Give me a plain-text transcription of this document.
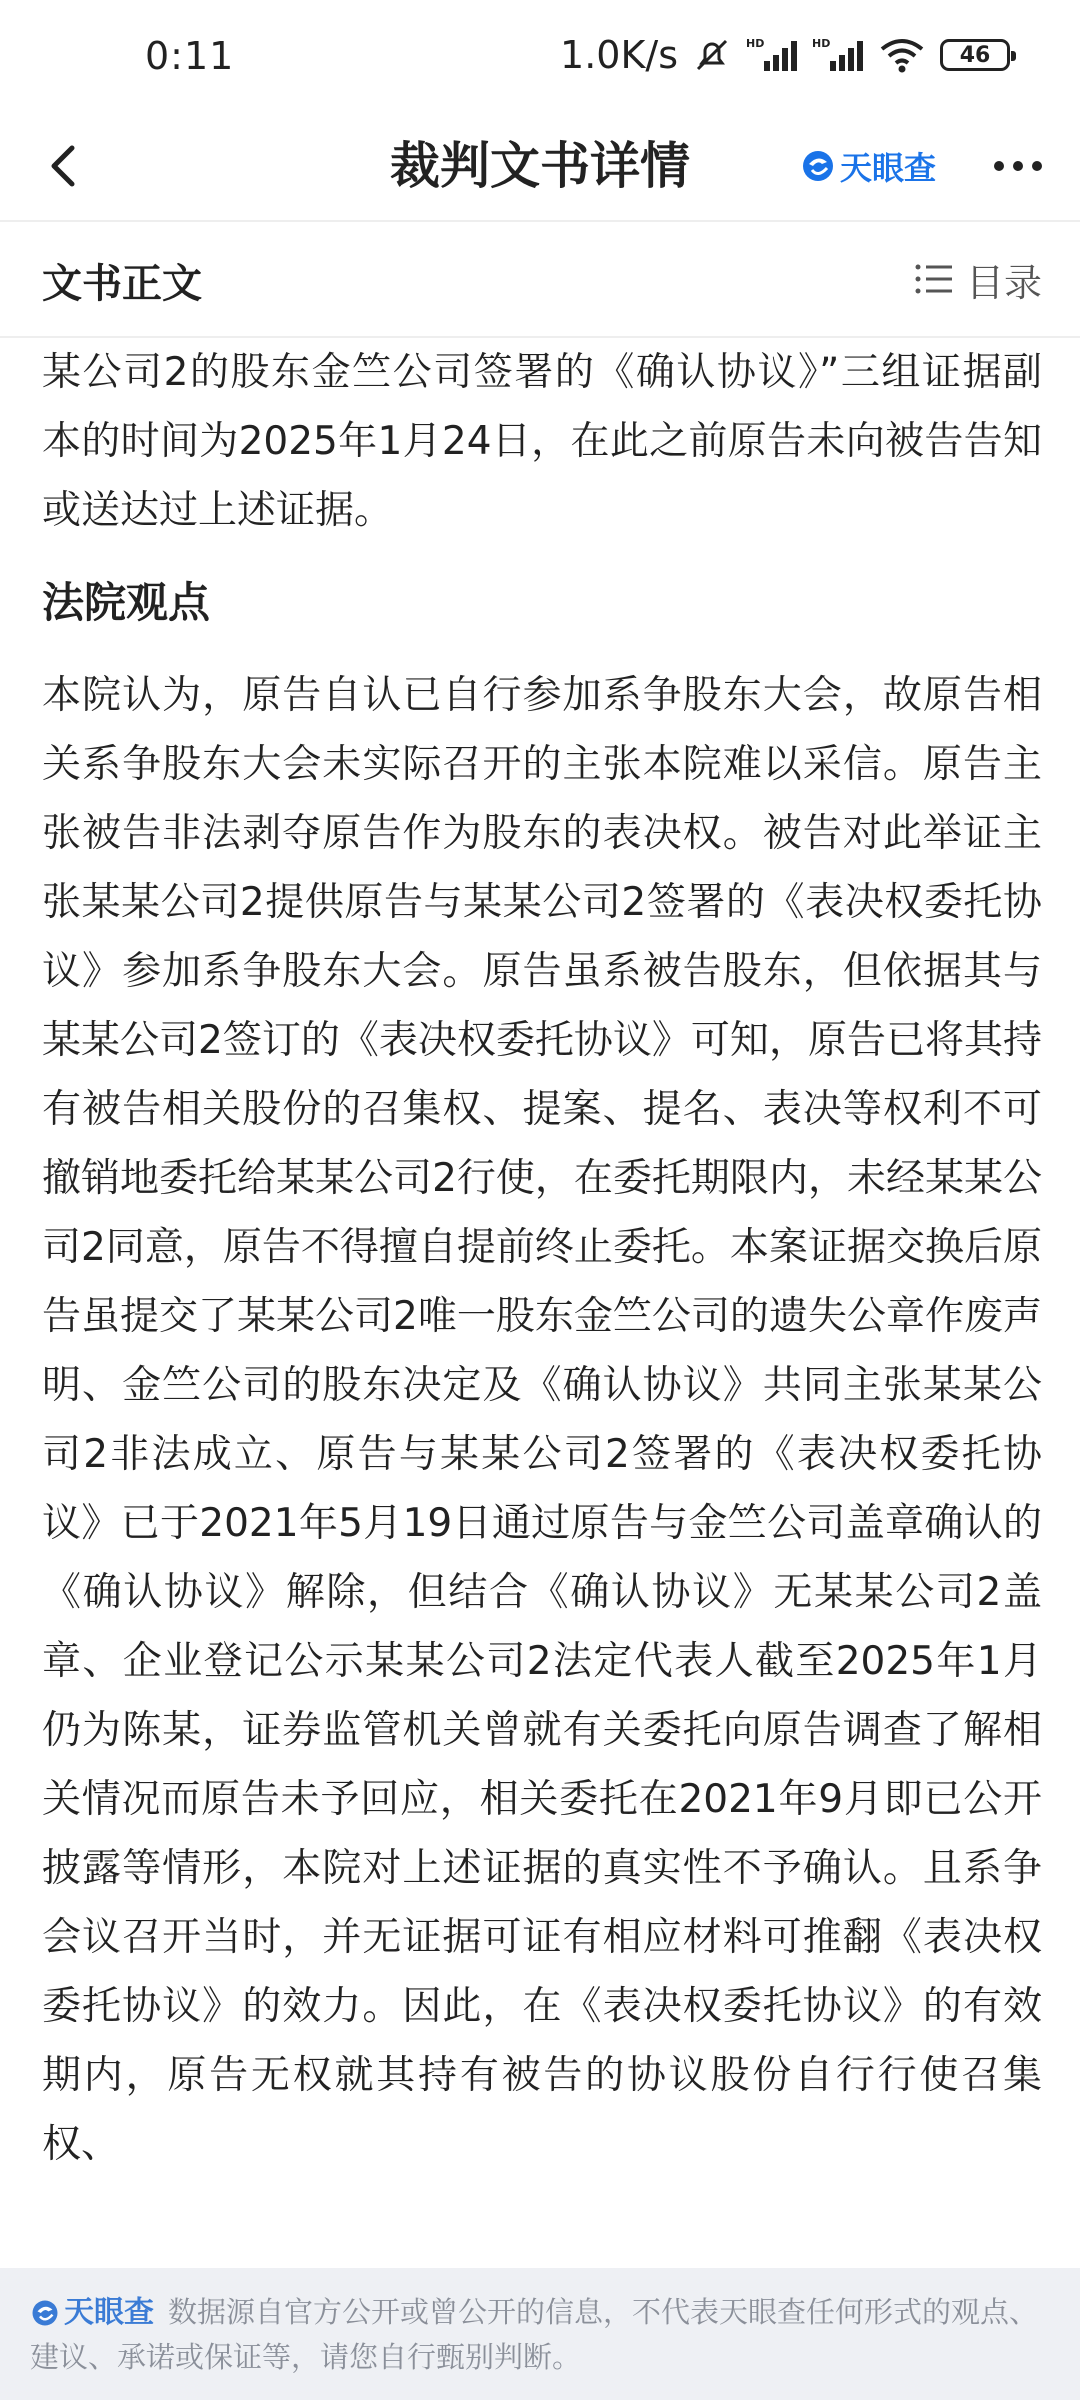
0:11	1.0K/s	HD	HD	46
裁判文书详情	天眼查
文书正文	目录

某公司2的股东金竺公司签署的《确认协议》”三组证据副本的时间为2025年1月24日，在此之前原告未向被告告知或送达过上述证据。

法院观点

本院认为，原告自认已自行参加系争股东大会，故原告相关系争股东大会未实际召开的主张本院难以采信。原告主张被告非法剥夺原告作为股东的表决权。被告对此举证主张某某公司2提供原告与某某公司2签署的《表决权委托协议》参加系争股东大会。原告虽系被告股东，但依据其与某某公司2签订的《表决权委托协议》可知，原告已将其持有被告相关股份的召集权、提案、提名、表决等权利不可撤销地委托给某某公司2行使，在委托期限内，未经某某公司2同意，原告不得擅自提前终止委托。本案证据交换后原告虽提交了某某公司2唯一股东金竺公司的遗失公章作废声明、金竺公司的股东决定及《确认协议》共同主张某某公司2非法成立、原告与某某公司2签署的《表决权委托协议》已于2021年5月19日通过原告与金竺公司盖章确认的《确认协议》解除，但结合《确认协议》无某某公司2盖章、企业登记公示某某公司2法定代表人截至2025年1月仍为陈某，证券监管机关曾就有关委托向原告调查了解相关情况而原告未予回应，相关委托在2021年9月即已公开披露等情形，本院对上述证据的真实性不予确认。且系争会议召开当时，并无证据可证有相应材料可推翻《表决权委托协议》的效力。因此，在《表决权委托协议》的有效期内，原告无权就其持有被告的协议股份自行行使召集权、

天眼查 数据源自官方公开或曾公开的信息，不代表天眼查任何形式的观点、建议、承诺或保证等，请您自行甄别判断。
